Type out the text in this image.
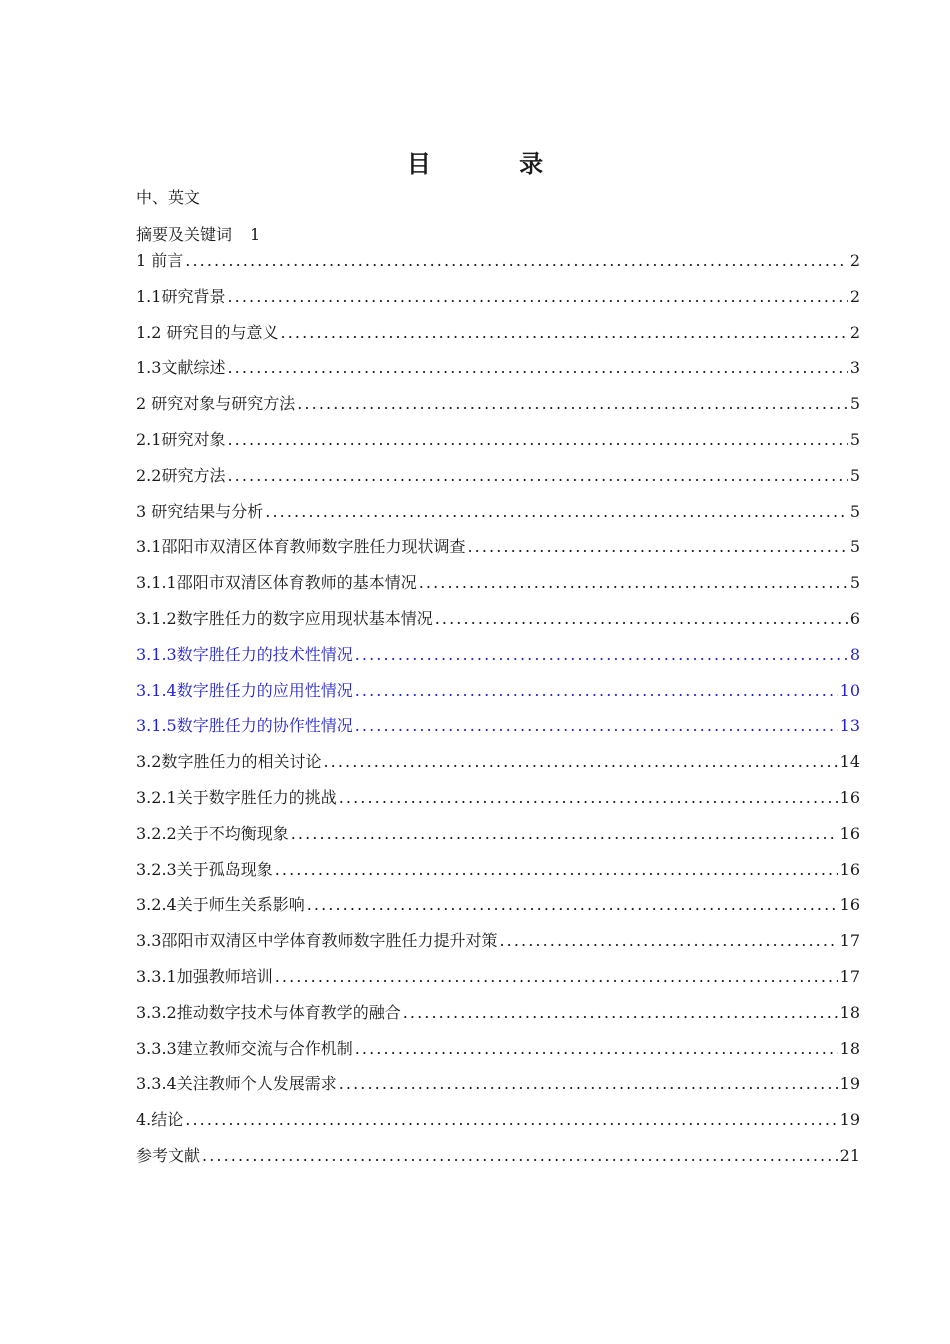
目 录
中、英文
摘要及关键词 1
1 前言 .....	2
1.1研究背景 .....	2
1.2 研究目的与意义 .....	2
1.3文献综述 .....	3
2 研究对象与研究方法 .....	5
2.1研究对象 .....	5
2.2研究方法 .....	5
3 研究结果与分析 .....	5
3.1邵阳市双清区体育教师数字胜任力现状调查 .....	5
3.1.1邵阳市双清区体育教师的基本情况 .....	5
3.1.2数字胜任力的数字应用现状基本情况 .....	6
3.1.3数字胜任力的技术性情况 .....	8
3.1.4数字胜任力的应用性情况 .....	10
3.1.5数字胜任力的协作性情况 .....	13
3.2数字胜任力的相关讨论 .....	14
3.2.1关于数字胜任力的挑战 .....	16
3.2.2关于不均衡现象 .....	16
3.2.3关于孤岛现象 .....	16
3.2.4关于师生关系影响 .....	16
3.3邵阳市双清区中学体育教师数字胜任力提升对策 .....	17
3.3.1加强教师培训 .....	17
3.3.2推动数字技术与体育教学的融合 .....	18
3.3.3建立教师交流与合作机制 .....	18
3.3.4关注教师个人发展需求 .....	19
4.结论 .....	19
参考文献 .....	21
